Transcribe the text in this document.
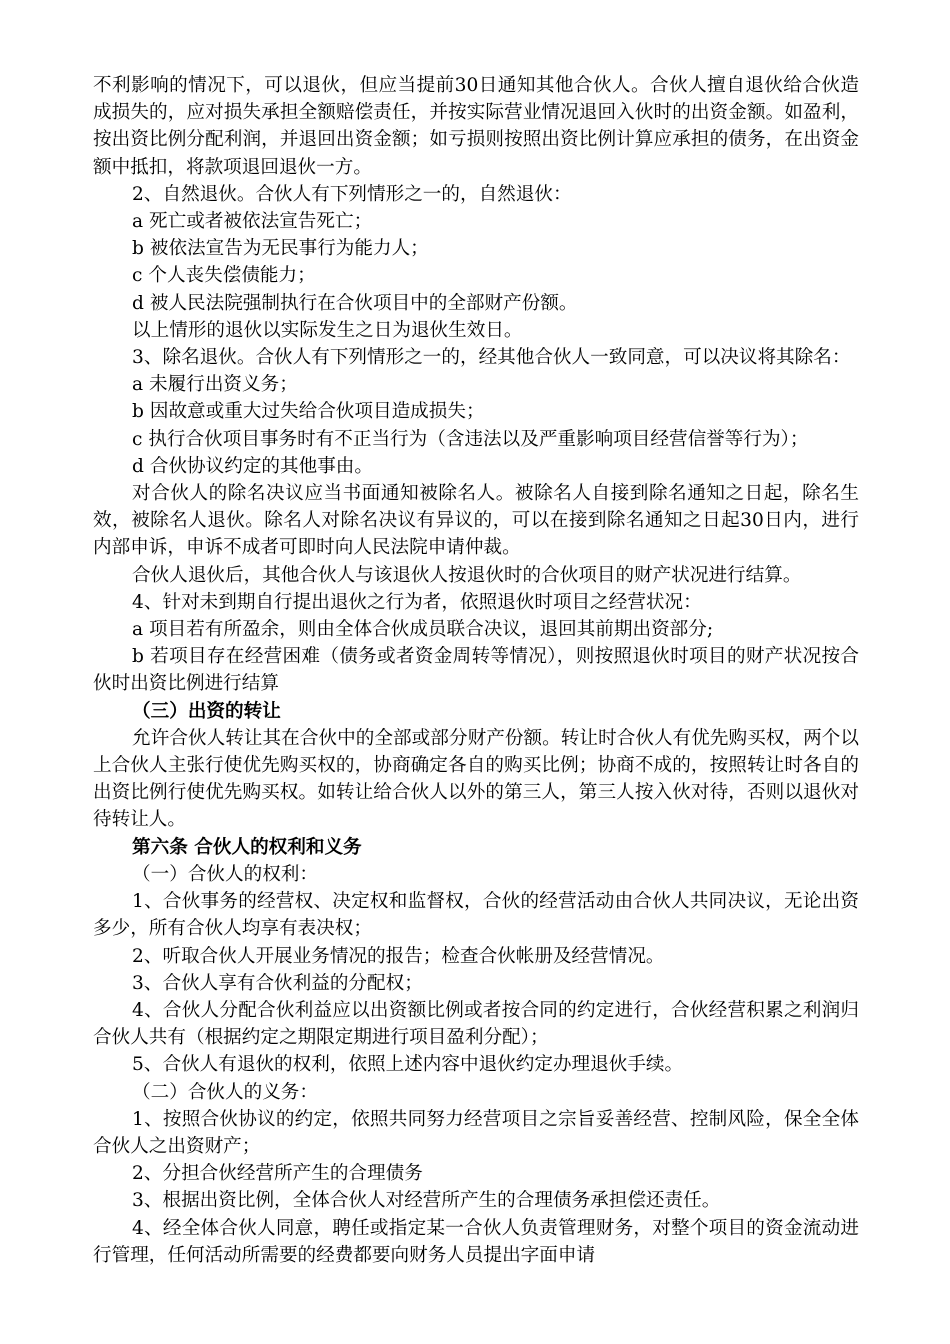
不利影响的情况下，可以退伙，但应当提前30日通知其他合伙人。合伙人擅自退伙给合伙造成损失的，应对损失承担全额赔偿责任，并按实际营业情况退回入伙时的出资金额。如盈利，按出资比例分配利润，并退回出资金额；如亏损则按照出资比例计算应承担的债务，在出资金额中抵扣，将款项退回退伙一方。

2、自然退伙。合伙人有下列情形之一的，自然退伙：

a 死亡或者被依法宣告死亡；

b 被依法宣告为无民事行为能力人；

c 个人丧失偿债能力；

d 被人民法院强制执行在合伙项目中的全部财产份额。

以上情形的退伙以实际发生之日为退伙生效日。

3、除名退伙。合伙人有下列情形之一的，经其他合伙人一致同意，可以决议将其除名：

a 未履行出资义务；

b 因故意或重大过失给合伙项目造成损失；

c 执行合伙项目事务时有不正当行为（含违法以及严重影响项目经营信誉等行为）；

d 合伙协议约定的其他事由。

对合伙人的除名决议应当书面通知被除名人。被除名人自接到除名通知之日起，除名生效，被除名人退伙。除名人对除名决议有异议的，可以在接到除名通知之日起30日内，进行内部申诉，申诉不成者可即时向人民法院申请仲裁。

合伙人退伙后，其他合伙人与该退伙人按退伙时的合伙项目的财产状况进行结算。

4、针对未到期自行提出退伙之行为者，依照退伙时项目之经营状况：

a 项目若有所盈余，则由全体合伙成员联合决议，退回其前期出资部分;

b 若项目存在经营困难（债务或者资金周转等情况），则按照退伙时项目的财产状况按合伙时出资比例进行结算

（三）出资的转让

允许合伙人转让其在合伙中的全部或部分财产份额。转让时合伙人有优先购买权，两个以上合伙人主张行使优先购买权的，协商确定各自的购买比例；协商不成的，按照转让时各自的出资比例行使优先购买权。如转让给合伙人以外的第三人，第三人按入伙对待，否则以退伙对待转让人。

第六条 合伙人的权利和义务

（一）合伙人的权利：

1、合伙事务的经营权、决定权和监督权，合伙的经营活动由合伙人共同决议，无论出资多少，所有合伙人均享有表决权；

2、听取合伙人开展业务情况的报告；检查合伙帐册及经营情况。

3、合伙人享有合伙利益的分配权；

4、合伙人分配合伙利益应以出资额比例或者按合同的约定进行，合伙经营积累之利润归合伙人共有（根据约定之期限定期进行项目盈利分配）；

5、合伙人有退伙的权利，依照上述内容中退伙约定办理退伙手续。

（二）合伙人的义务：

1、按照合伙协议的约定，依照共同努力经营项目之宗旨妥善经营、控制风险，保全全体合伙人之出资财产；

2、分担合伙经营所产生的合理债务

3、根据出资比例，全体合伙人对经营所产生的合理债务承担偿还责任。

4、经全体合伙人同意，聘任或指定某一合伙人负责管理财务，对整个项目的资金流动进行管理，任何活动所需要的经费都要向财务人员提出字面申请
